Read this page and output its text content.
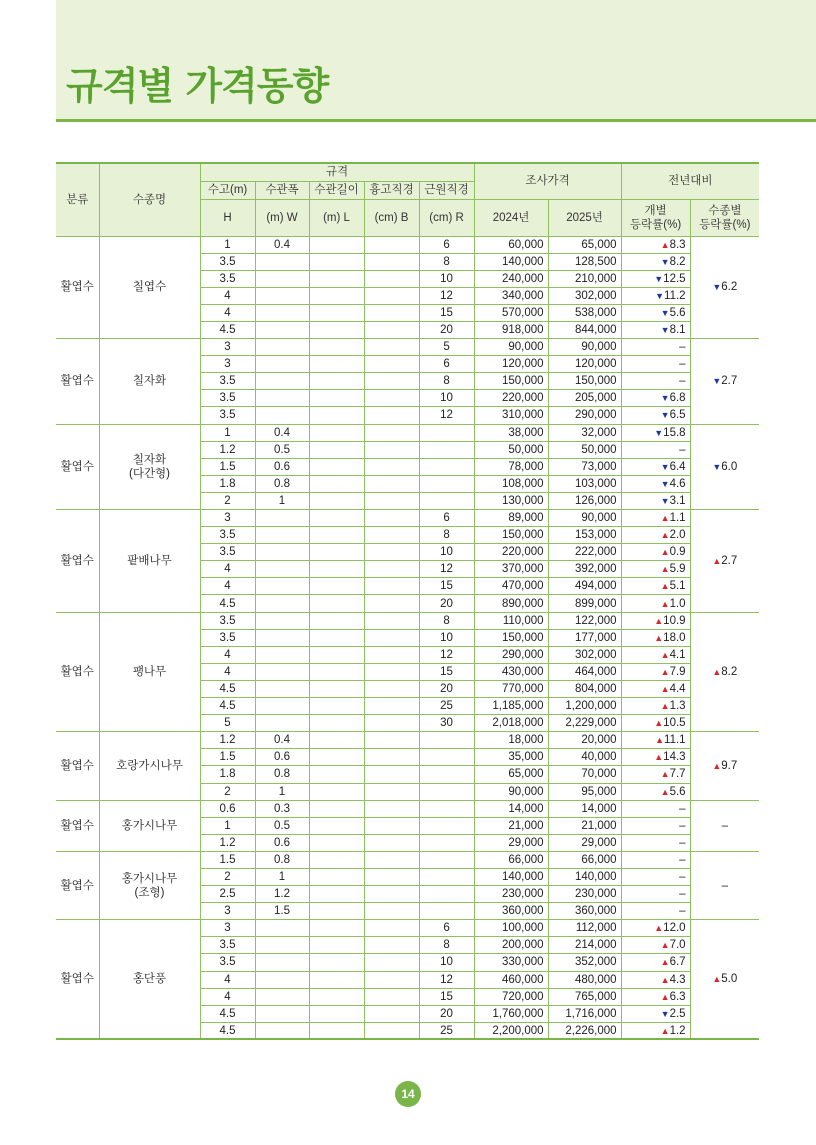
규격별 가격동향
분류	수종명	규격					조사가격		전년대비	
		수고(m)	수관폭	수관길이	흉고직경	근원직경				
		H	(m) W	(m) L	(cm) B	(cm) R	2024년	2025년	개별
등락률(%)	수종별
등락률(%)
활엽수	칠엽수	1	0.4			6	60,000	65,000	▲8.3	▼6.2
		3.5				8	140,000	128,500	▼8.2	
		3.5				10	240,000	210,000	▼12.5	
		4				12	340,000	302,000	▼11.2	
		4				15	570,000	538,000	▼5.6	
		4.5				20	918,000	844,000	▼8.1	
활엽수	칠자화	3				5	90,000	90,000	–	▼2.7
		3				6	120,000	120,000	–	
		3.5				8	150,000	150,000	–	
		3.5				10	220,000	205,000	▼6.8	
		3.5				12	310,000	290,000	▼6.5	
활엽수	칠자화
(다간형)	1	0.4				38,000	32,000	▼15.8	▼6.0
		1.2	0.5				50,000	50,000	–	
		1.5	0.6				78,000	73,000	▼6.4	
		1.8	0.8				108,000	103,000	▼4.6	
		2	1				130,000	126,000	▼3.1	
활엽수	팥배나무	3				6	89,000	90,000	▲1.1	▲2.7
		3.5				8	150,000	153,000	▲2.0	
		3.5				10	220,000	222,000	▲0.9	
		4				12	370,000	392,000	▲5.9	
		4				15	470,000	494,000	▲5.1	
		4.5				20	890,000	899,000	▲1.0	
활엽수	팽나무	3.5				8	110,000	122,000	▲10.9	▲8.2
		3.5				10	150,000	177,000	▲18.0	
		4				12	290,000	302,000	▲4.1	
		4				15	430,000	464,000	▲7.9	
		4.5				20	770,000	804,000	▲4.4	
		4.5				25	1,185,000	1,200,000	▲1.3	
		5				30	2,018,000	2,229,000	▲10.5	
활엽수	호랑가시나무	1.2	0.4				18,000	20,000	▲11.1	▲9.7
		1.5	0.6				35,000	40,000	▲14.3	
		1.8	0.8				65,000	70,000	▲7.7	
		2	1				90,000	95,000	▲5.6	
활엽수	홍가시나무	0.6	0.3				14,000	14,000	–	–
		1	0.5				21,000	21,000	–	
		1.2	0.6				29,000	29,000	–	
활엽수	홍가시나무
(조형)	1.5	0.8				66,000	66,000	–	–
		2	1				140,000	140,000	–	
		2.5	1.2				230,000	230,000	–	
		3	1.5				360,000	360,000	–	
활엽수	홍단풍	3				6	100,000	112,000	▲12.0	▲5.0
		3.5				8	200,000	214,000	▲7.0	
		3.5				10	330,000	352,000	▲6.7	
		4				12	460,000	480,000	▲4.3	
		4				15	720,000	765,000	▲6.3	
		4.5				20	1,760,000	1,716,000	▼2.5	
		4.5				25	2,200,000	2,226,000	▲1.2	
14
